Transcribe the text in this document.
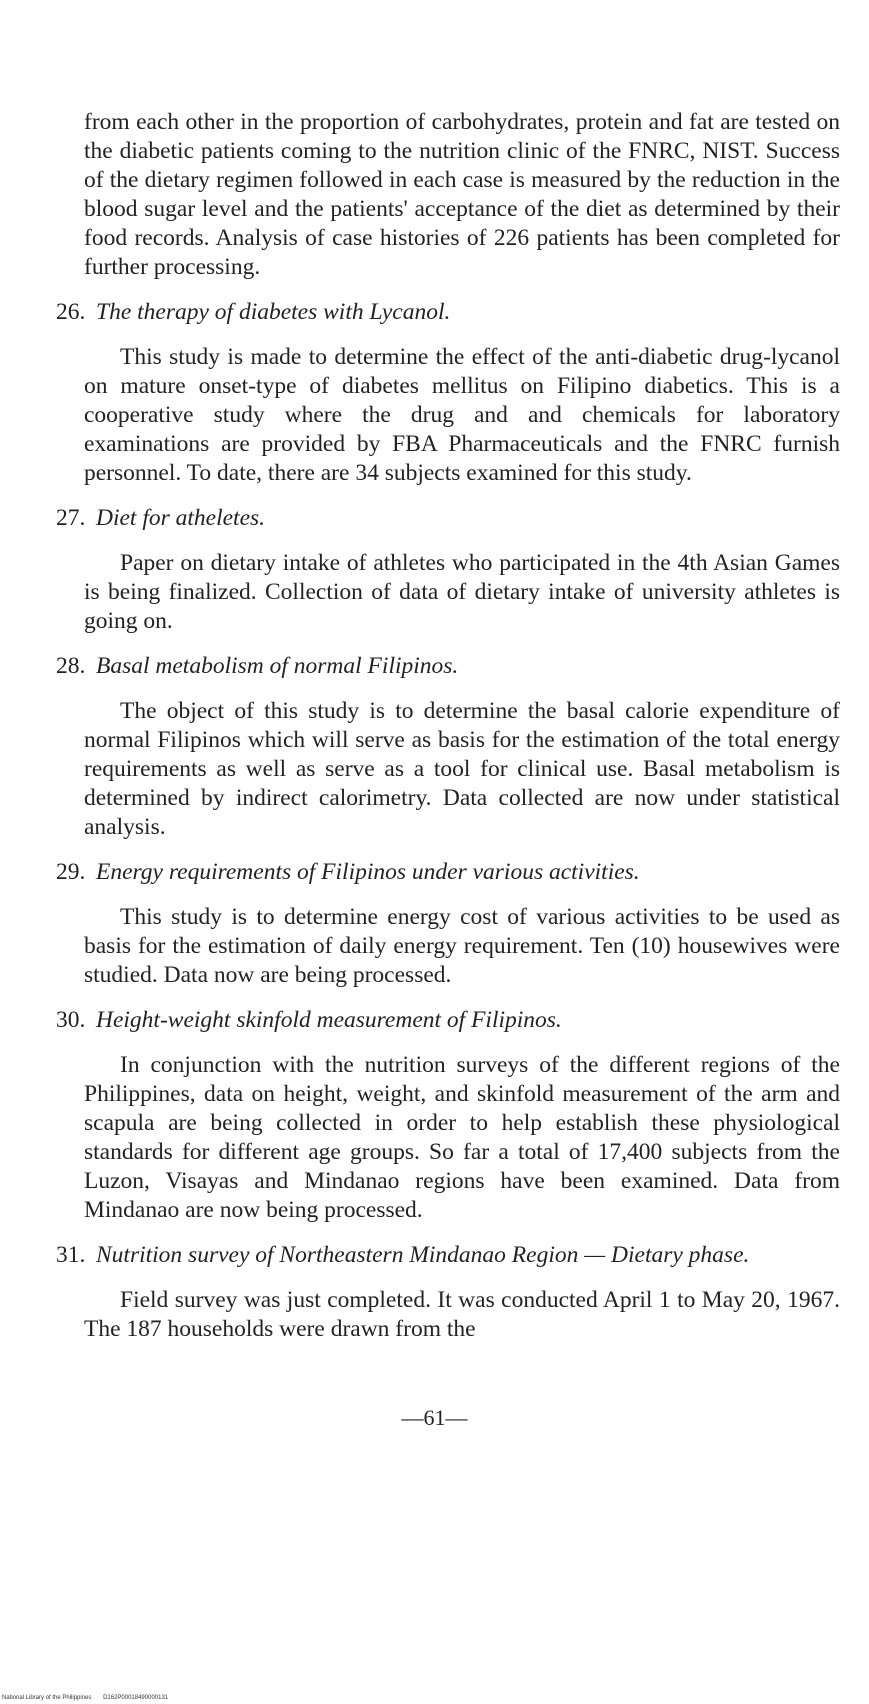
from each other in the proportion of carbohydrates, protein and fat are tested on the diabetic patients coming to the nutrition clinic of the FNRC, NIST. Success of the dietary regimen followed in each case is measured by the reduction in the blood sugar level and the patients' acceptance of the diet as determined by their food records. Analysis of case histories of 226 patients has been completed for further processing.

26. The therapy of diabetes with Lycanol.

This study is made to determine the effect of the anti-diabetic drug-lycanol on mature onset-type of diabetes mellitus on Filipino diabetics. This is a cooperative study where the drug and and chemicals for laboratory examinations are provided by FBA Pharmaceuticals and the FNRC furnish personnel. To date, there are 34 subjects examined for this study.

27. Diet for atheletes.

Paper on dietary intake of athletes who participated in the 4th Asian Games is being finalized. Collection of data of dietary intake of university athletes is going on.

28. Basal metabolism of normal Filipinos.

The object of this study is to determine the basal calorie expenditure of normal Filipinos which will serve as basis for the estimation of the total energy requirements as well as serve as a tool for clinical use. Basal metabolism is determined by indirect calorimetry. Data collected are now under statistical analysis.

29. Energy requirements of Filipinos under various activities.

This study is to determine energy cost of various activities to be used as basis for the estimation of daily energy requirement. Ten (10) housewives were studied. Data now are being processed.

30. Height-weight skinfold measurement of Filipinos.

In conjunction with the nutrition surveys of the different regions of the Philippines, data on height, weight, and skinfold measurement of the arm and scapula are being collected in order to help establish these physiological standards for different age groups. So far a total of 17,400 subjects from the Luzon, Visayas and Mindanao regions have been examined. Data from Mindanao are now being processed.

31. Nutrition survey of Northeastern Mindanao Region — Dietary phase.

Field survey was just completed. It was conducted April 1 to May 20, 1967. The 187 households were drawn from the

—61—
National Library of the Philippines D162P00018490000131
